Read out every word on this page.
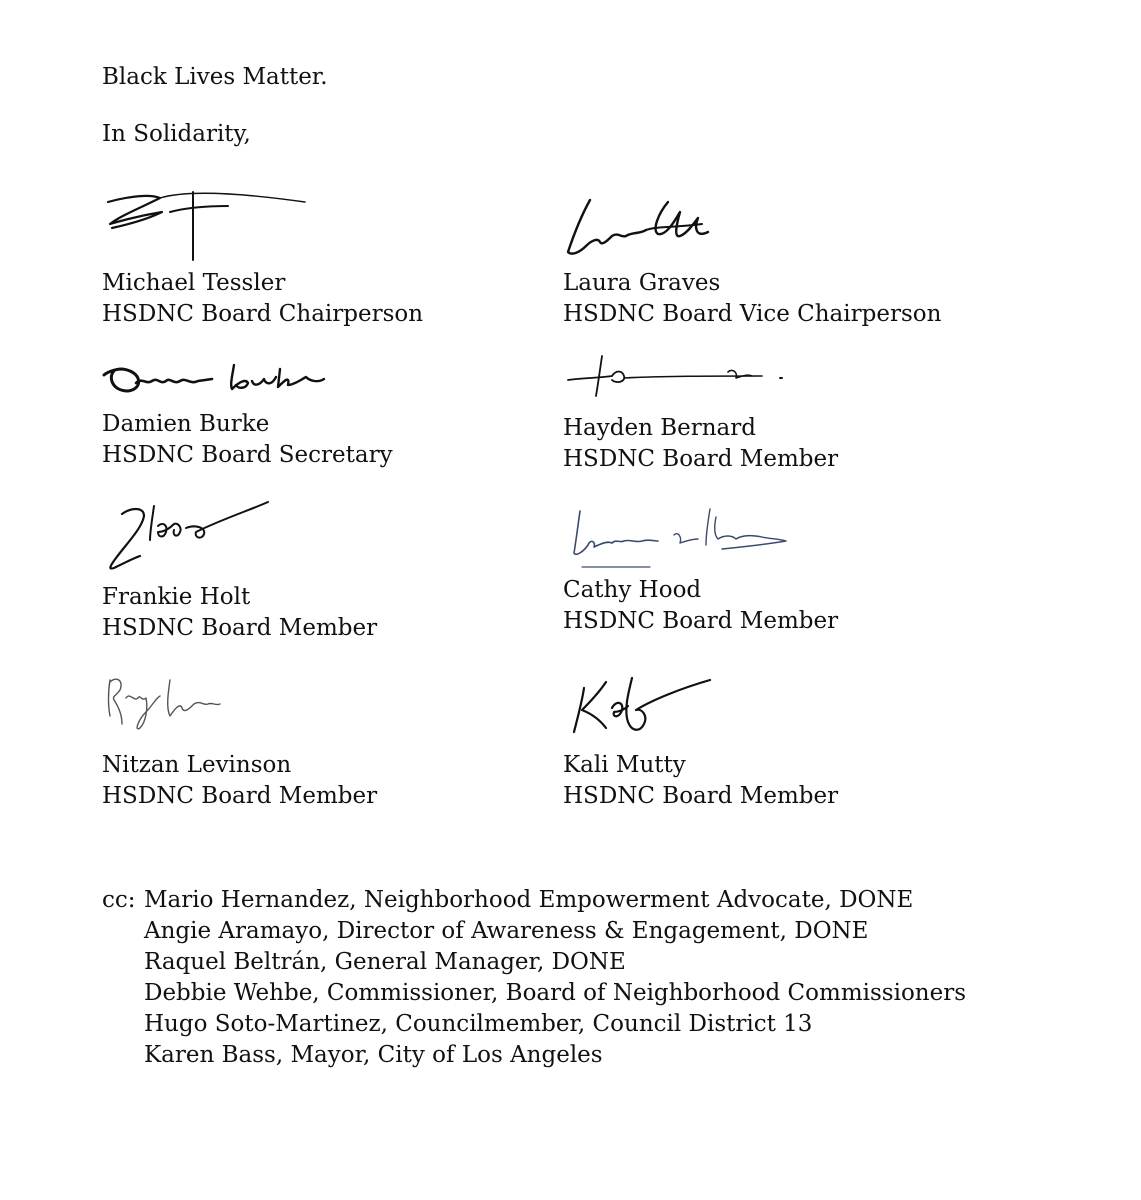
Black Lives Matter.
In Solidarity,
Michael Tessler
HSDNC Board Chairperson
Laura Graves
HSDNC Board Vice Chairperson
Damien Burke
HSDNC Board Secretary
Hayden Bernard
HSDNC Board Member
Frankie Holt
HSDNC Board Member
Cathy Hood
HSDNC Board Member
Nitzan Levinson
HSDNC Board Member
Kali Mutty
HSDNC Board Member
cc: Mario Hernandez, Neighborhood Empowerment Advocate, DONE
Angie Aramayo, Director of Awareness & Engagement, DONE
Raquel Beltrán, General Manager, DONE
Debbie Wehbe, Commissioner, Board of Neighborhood Commissioners
Hugo Soto-Martinez, Councilmember, Council District 13
Karen Bass, Mayor, City of Los Angeles
